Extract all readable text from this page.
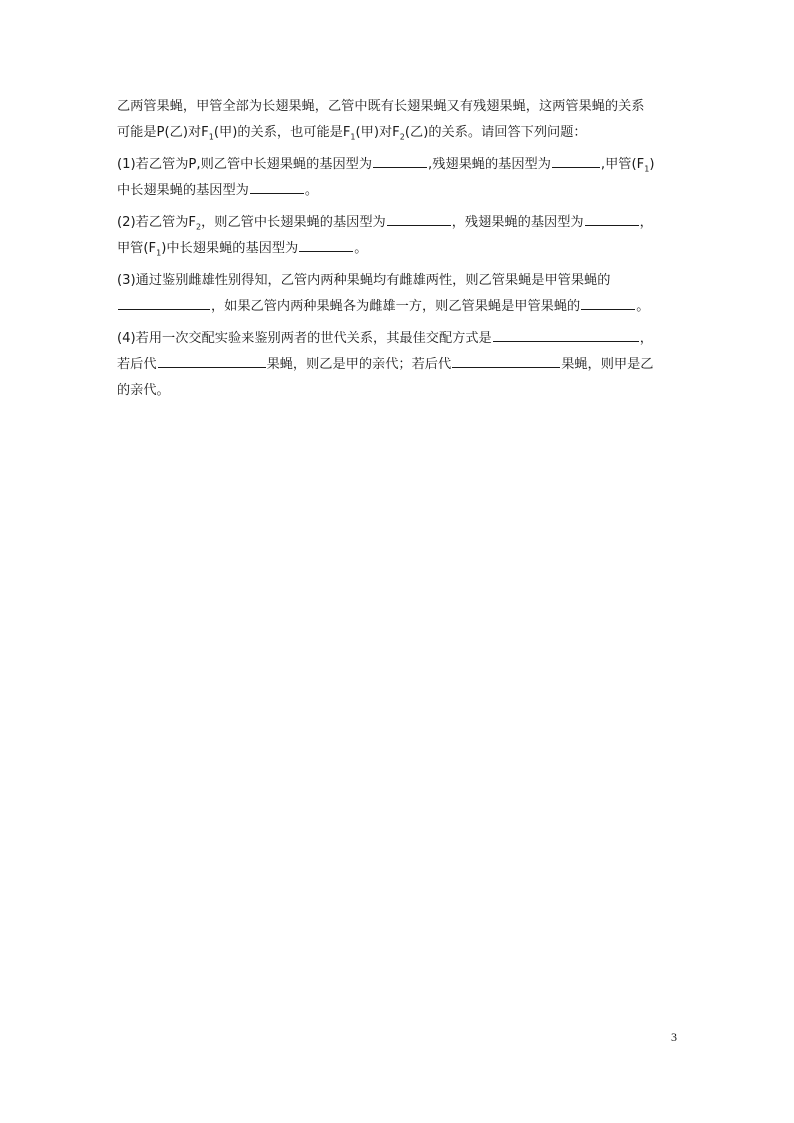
乙两管果蝇，甲管全部为长翅果蝇，乙管中既有长翅果蝇又有残翅果蝇，这两管果蝇的关系
可能是P(乙)对$F_1$(甲)的关系，也可能是$F_1$(甲)对$F_2$(乙)的关系。请回答下列问题：

(1)若乙管为P,则乙管中长翅果蝇的基因型为	,残翅果蝇的基因型为	,甲管$(F_1)$
中长翅果蝇的基因型为	。

(2)若乙管为$F_2$，则乙管中长翅果蝇的基因型为	，残翅果蝇的基因型为	，
甲管$(F_1)$中长翅果蝇的基因型为	。

(3)通过鉴别雌雄性别得知，乙管内两种果蝇均有雌雄两性，则乙管果蝇是甲管果蝇的
，如果乙管内两种果蝇各为雌雄一方，则乙管果蝇是甲管果蝇的	。

(4)若用一次交配实验来鉴别两者的世代关系，其最佳交配方式是	，
若后代	果蝇，则乙是甲的亲代；若后代	果蝇，则甲是乙
的亲代。

3
